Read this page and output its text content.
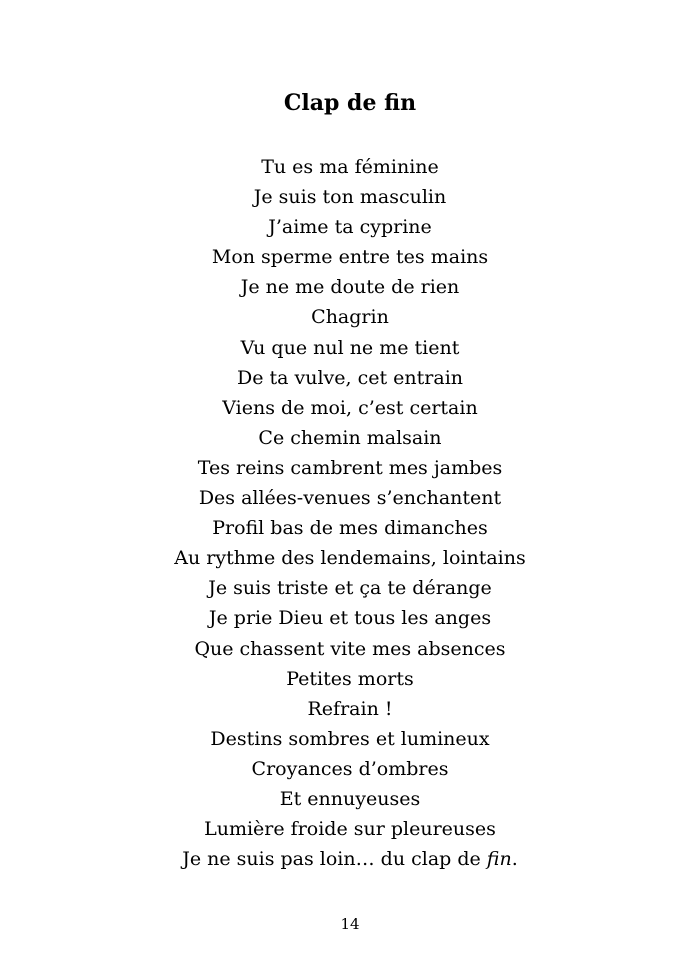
Clap de fin
Tu es ma féminine
Je suis ton masculin
J’aime ta cyprine
Mon sperme entre tes mains
Je ne me doute de rien
Chagrin
Vu que nul ne me tient
De ta vulve, cet entrain
Viens de moi, c’est certain
Ce chemin malsain
Tes reins cambrent mes jambes
Des allées-venues s’enchantent
Profil bas de mes dimanches
Au rythme des lendemains, lointains
Je suis triste et ça te dérange
Je prie Dieu et tous les anges
Que chassent vite mes absences
Petites morts
Refrain !
Destins sombres et lumineux
Croyances d’ombres
Et ennuyeuses
Lumière froide sur pleureuses
Je ne suis pas loin… du clap de fin.
14
